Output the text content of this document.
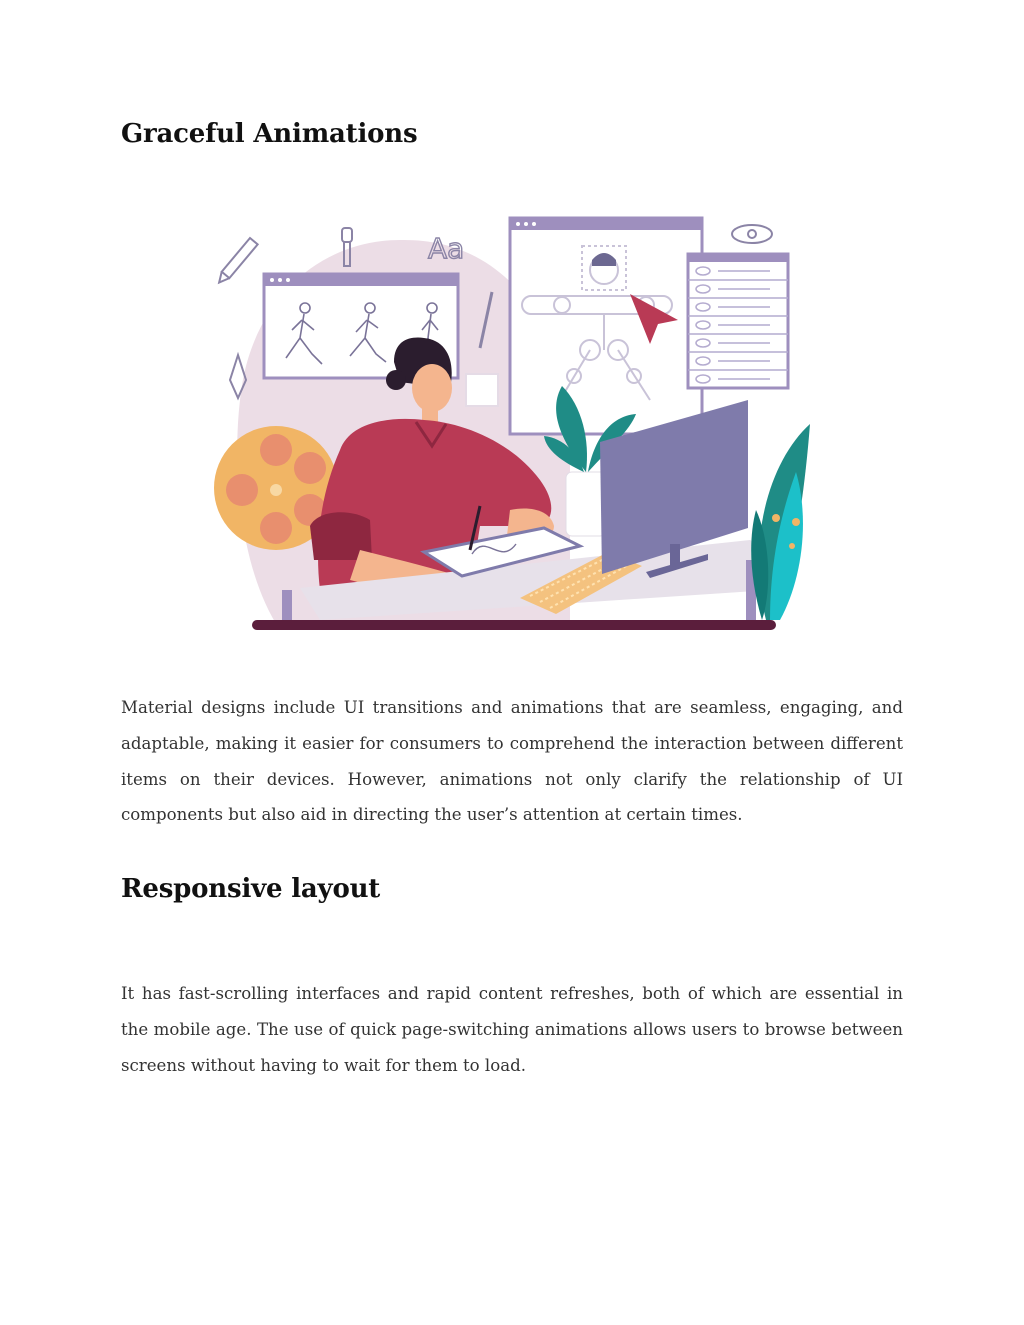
Graceful Animations
Aa

Material designs include UI transitions and animations that are seamless, engaging, and adaptable, making it easier for consumers to comprehend the interaction between different items on their devices. However, animations not only clarify the relationship of UI components but also aid in directing the user’s attention at certain times.

Responsive layout

It has fast-scrolling interfaces and rapid content refreshes, both of which are essential in the mobile age. The use of quick page-switching animations allows users to browse between screens without having to wait for them to load.
